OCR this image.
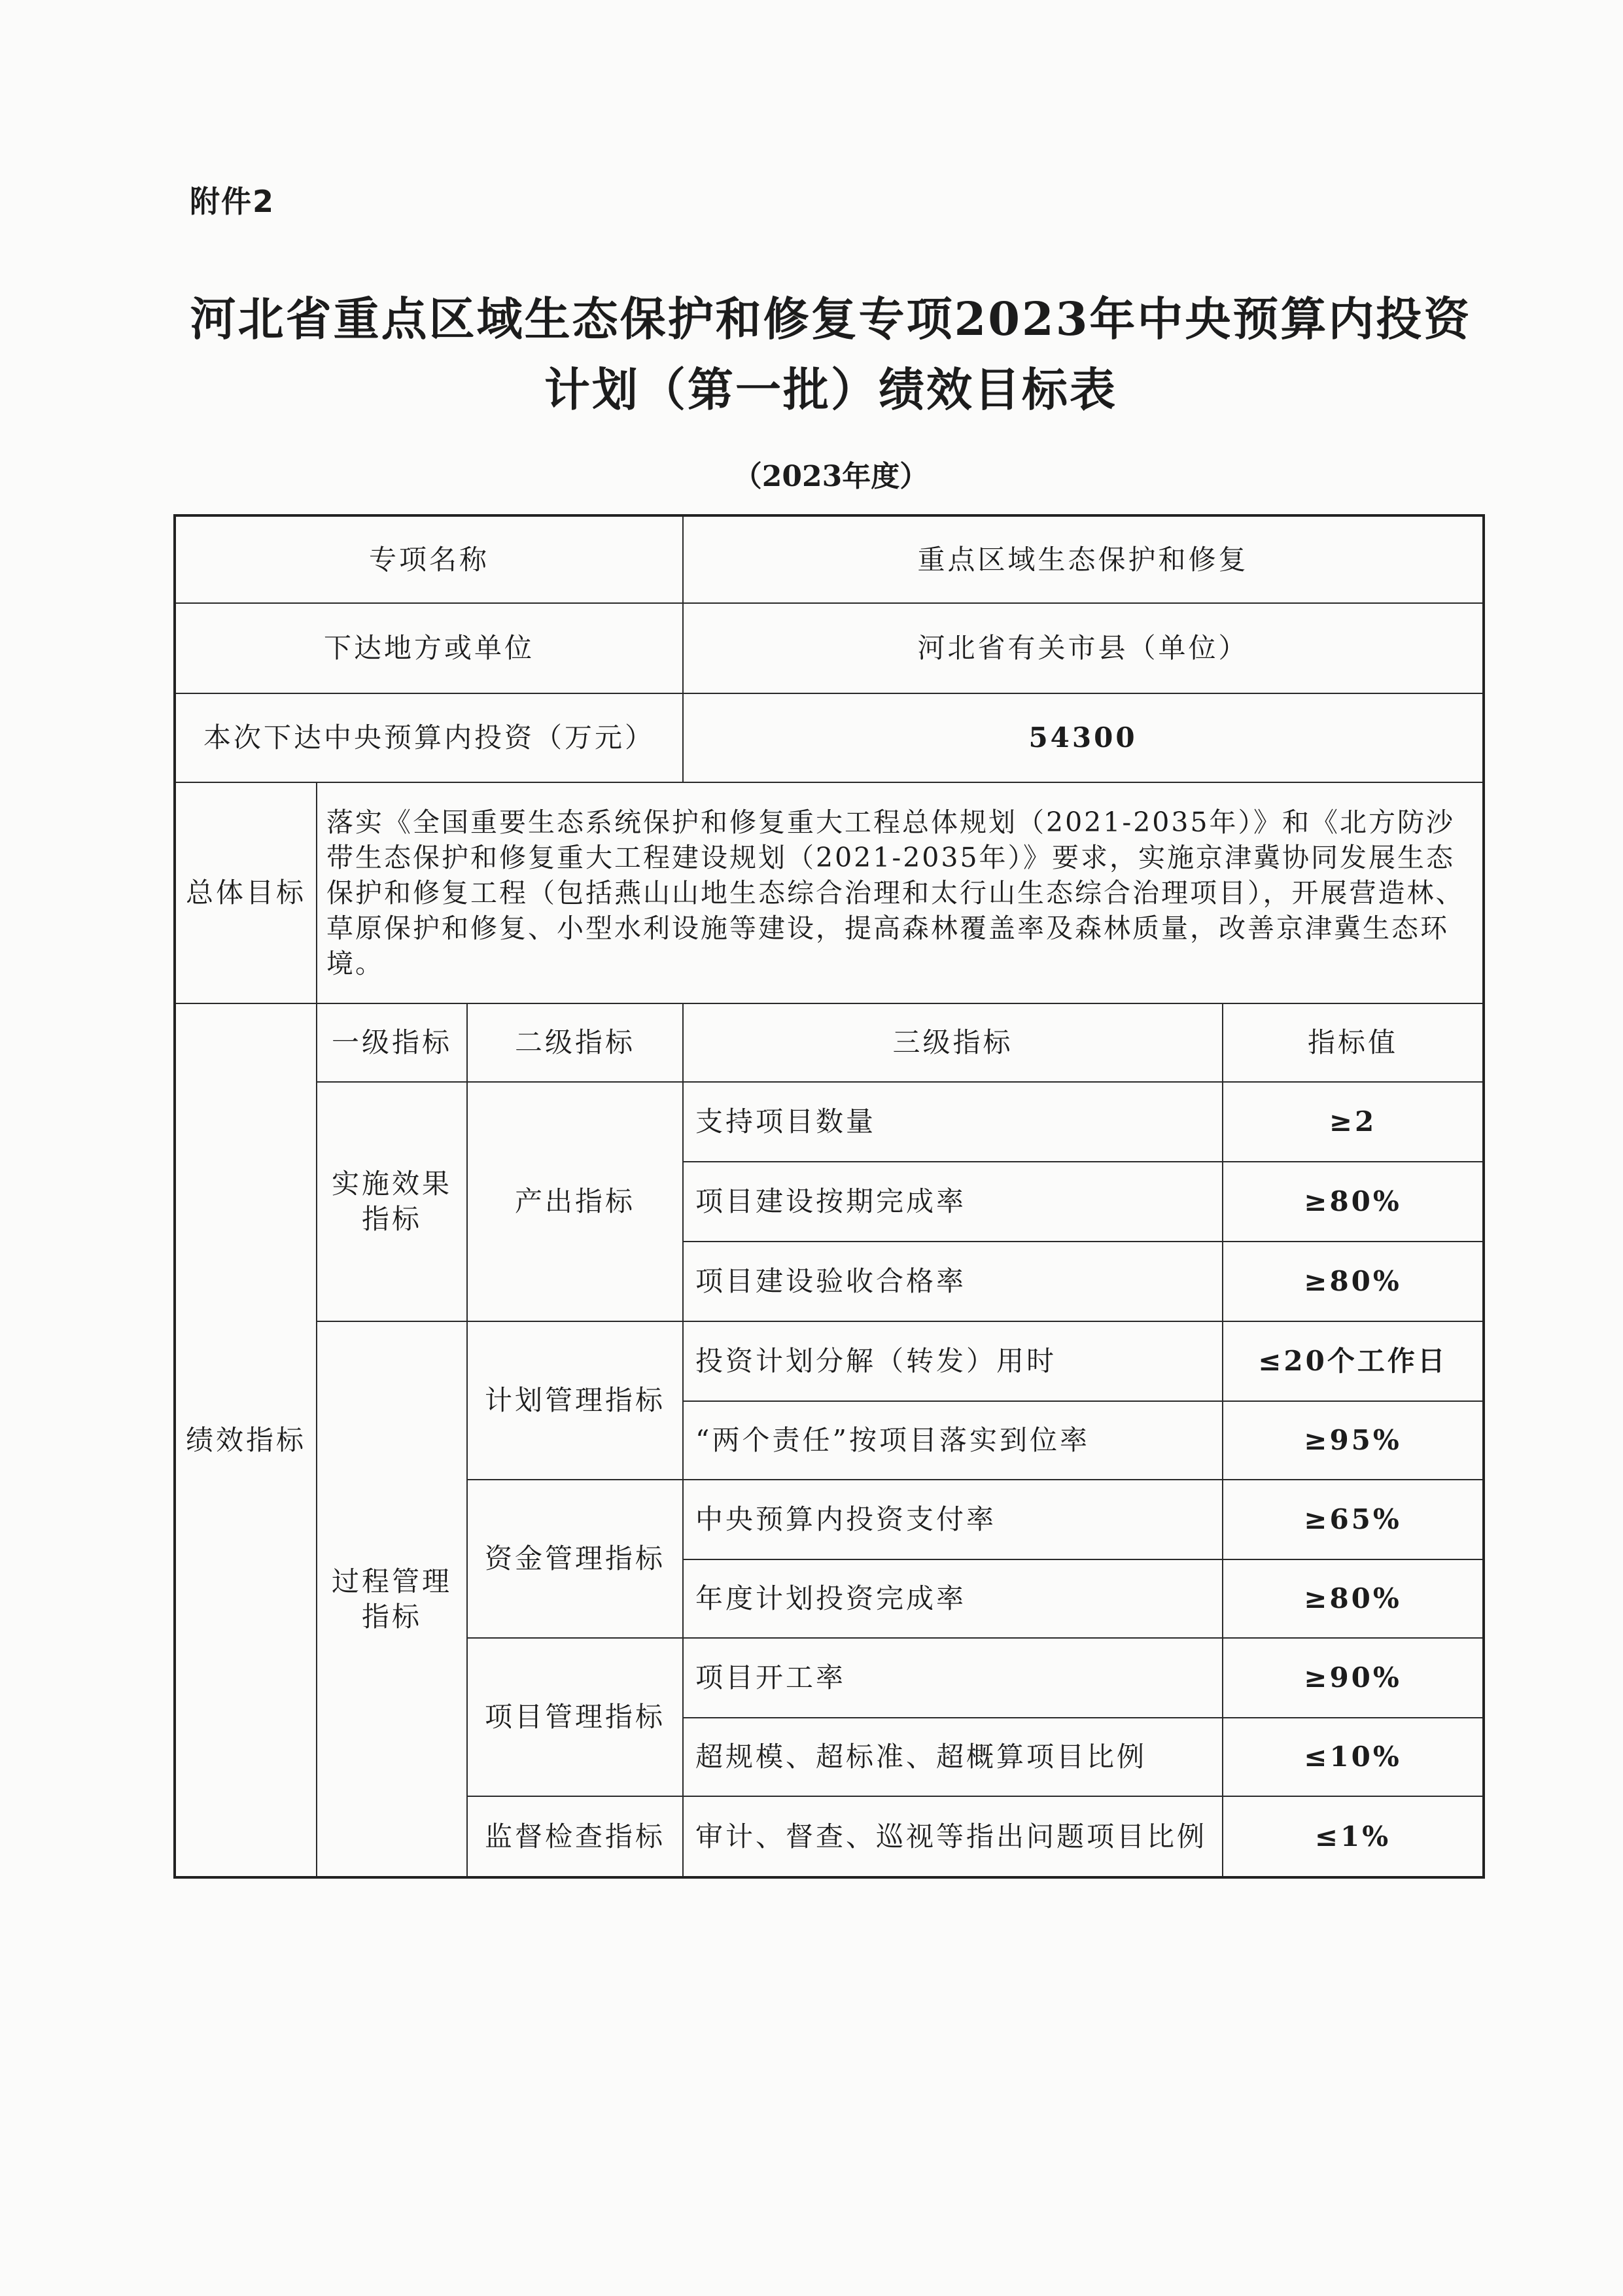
附件2
河北省重点区域生态保护和修复专项2023年中央预算内投资
计划（第一批）绩效目标表
（2023年度）
专项名称			重点区域生态保护和修复	
下达地方或单位			河北省有关市县（单位）	
本次下达中央预算内投资（万元）			54300	
总体目标	落实《全国重要生态系统保护和修复重大工程总体规划（2021-2035年）》和《北方防沙带生态保护和修复重大工程建设规划（2021-2035年）》要求，实施京津冀协同发展生态保护和修复工程（包括燕山山地生态综合治理和太行山生态综合治理项目），开展营造林、草原保护和修复、小型水利设施等建设，提高森林覆盖率及森林质量，改善京津冀生态环境。			
绩效指标	一级指标	二级指标	三级指标	指标值
	实施效果指标	产出指标	支持项目数量	≥2
			项目建设按期完成率	≥80%
			项目建设验收合格率	≥80%
	过程管理指标	计划管理指标	投资计划分解（转发）用时	≤20个工作日
			“两个责任”按项目落实到位率	≥95%
		资金管理指标	中央预算内投资支付率	≥65%
			年度计划投资完成率	≥80%
		项目管理指标	项目开工率	≥90%
			超规模、超标准、超概算项目比例	≤10%
		监督检查指标	审计、督查、巡视等指出问题项目比例	≤1%
